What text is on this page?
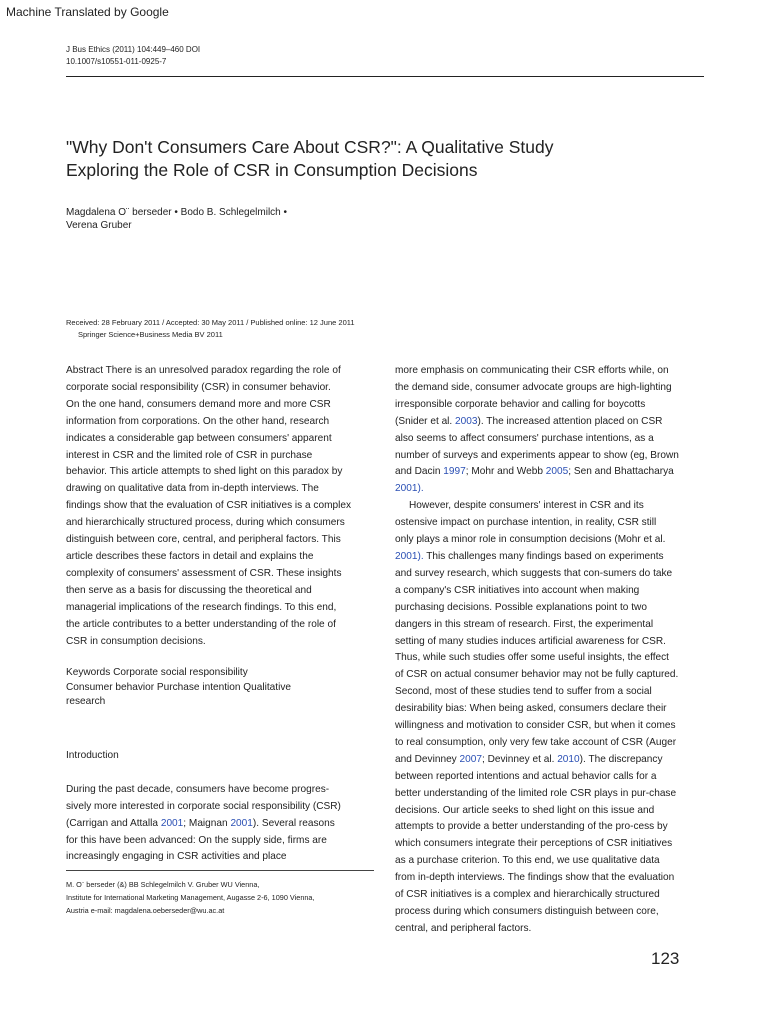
Machine Translated by Google
J Bus Ethics (2011) 104:449–460 DOI
10.1007/s10551-011-0925-7
"Why Don't Consumers Care About CSR?": A Qualitative Study
Exploring the Role of CSR in Consumption Decisions
Magdalena O¨ berseder • Bodo B. Schlegelmilch •
Verena Gruber
Received: 28 February 2011 / Accepted: 30 May 2011 / Published online: 12 June 2011
Springer Science+Business Media BV 2011
Abstract There is an unresolved paradox regarding the role of
corporate social responsibility (CSR) in consumer behavior.
On the one hand, consumers demand more and more CSR
information from corporations. On the other hand, research
indicates a considerable gap between consumers' apparent
interest in CSR and the limited role of CSR in purchase
behavior. This article attempts to shed light on this paradox by
drawing on qualitative data from in-depth interviews. The
findings show that the evaluation of CSR initiatives is a complex
and hierarchically structured process, during which consumers
distinguish between core, central, and peripheral factors. This
article describes these factors in detail and explains the
complexity of consumers' assessment of CSR. These insights
then serve as a basis for discussing the theoretical and
managerial implications of the research findings. To this end,
the article contributes to a better understanding of the role of
CSR in consumption decisions.
Keywords Corporate social responsibility
Consumer behavior Purchase intention Qualitative
research
Introduction
During the past decade, consumers have become progres-
sively more interested in corporate social responsibility (CSR)
(Carrigan and Attalla 2001; Maignan 2001). Several reasons
for this have been advanced: On the supply side, firms are
increasingly engaging in CSR activities and place
M. O¨ berseder (&) BB Schlegelmilch V. Gruber WU Vienna,
Institute for International Marketing Management, Augasse 2-6, 1090 Vienna,
Austria e-mail: magdalena.oeberseder@wu.ac.at
more emphasis on communicating their CSR efforts while, on
the demand side, consumer advocate groups are high-lighting
irresponsible corporate behavior and calling for boycotts
(Snider et al. 2003). The increased attention placed on CSR
also seems to affect consumers' purchase intentions, as a
number of surveys and experiments appear to show (eg, Brown
and Dacin 1997; Mohr and Webb 2005; Sen and Bhattacharya
2001).
However, despite consumers' interest in CSR and its
ostensive impact on purchase intention, in reality, CSR still
only plays a minor role in consumption decisions (Mohr et al.
2001). This challenges many findings based on experiments
and survey research, which suggests that con-sumers do take
a company's CSR initiatives into account when making
purchasing decisions. Possible explanations point to two
dangers in this stream of research. First, the experimental
setting of many studies induces artificial awareness for CSR.
Thus, while such studies offer some useful insights, the effect
of CSR on actual consumer behavior may not be fully captured.
Second, most of these studies tend to suffer from a social
desirability bias: When being asked, consumers declare their
willingness and motivation to consider CSR, but when it comes
to real consumption, only very few take account of CSR (Auger
and Devinney 2007; Devinney et al. 2010). The discrepancy
between reported intentions and actual behavior calls for a
better understanding of the limited role CSR plays in pur-chase
decisions. Our article seeks to shed light on this issue and
attempts to provide a better understanding of the pro-cess by
which consumers integrate their perceptions of CSR initiatives
as a purchase criterion. To this end, we use qualitative data
from in-depth interviews. The findings show that the evaluation
of CSR initiatives is a complex and hierarchically structured
process during which consumers distinguish between core,
central, and peripheral factors.
123
